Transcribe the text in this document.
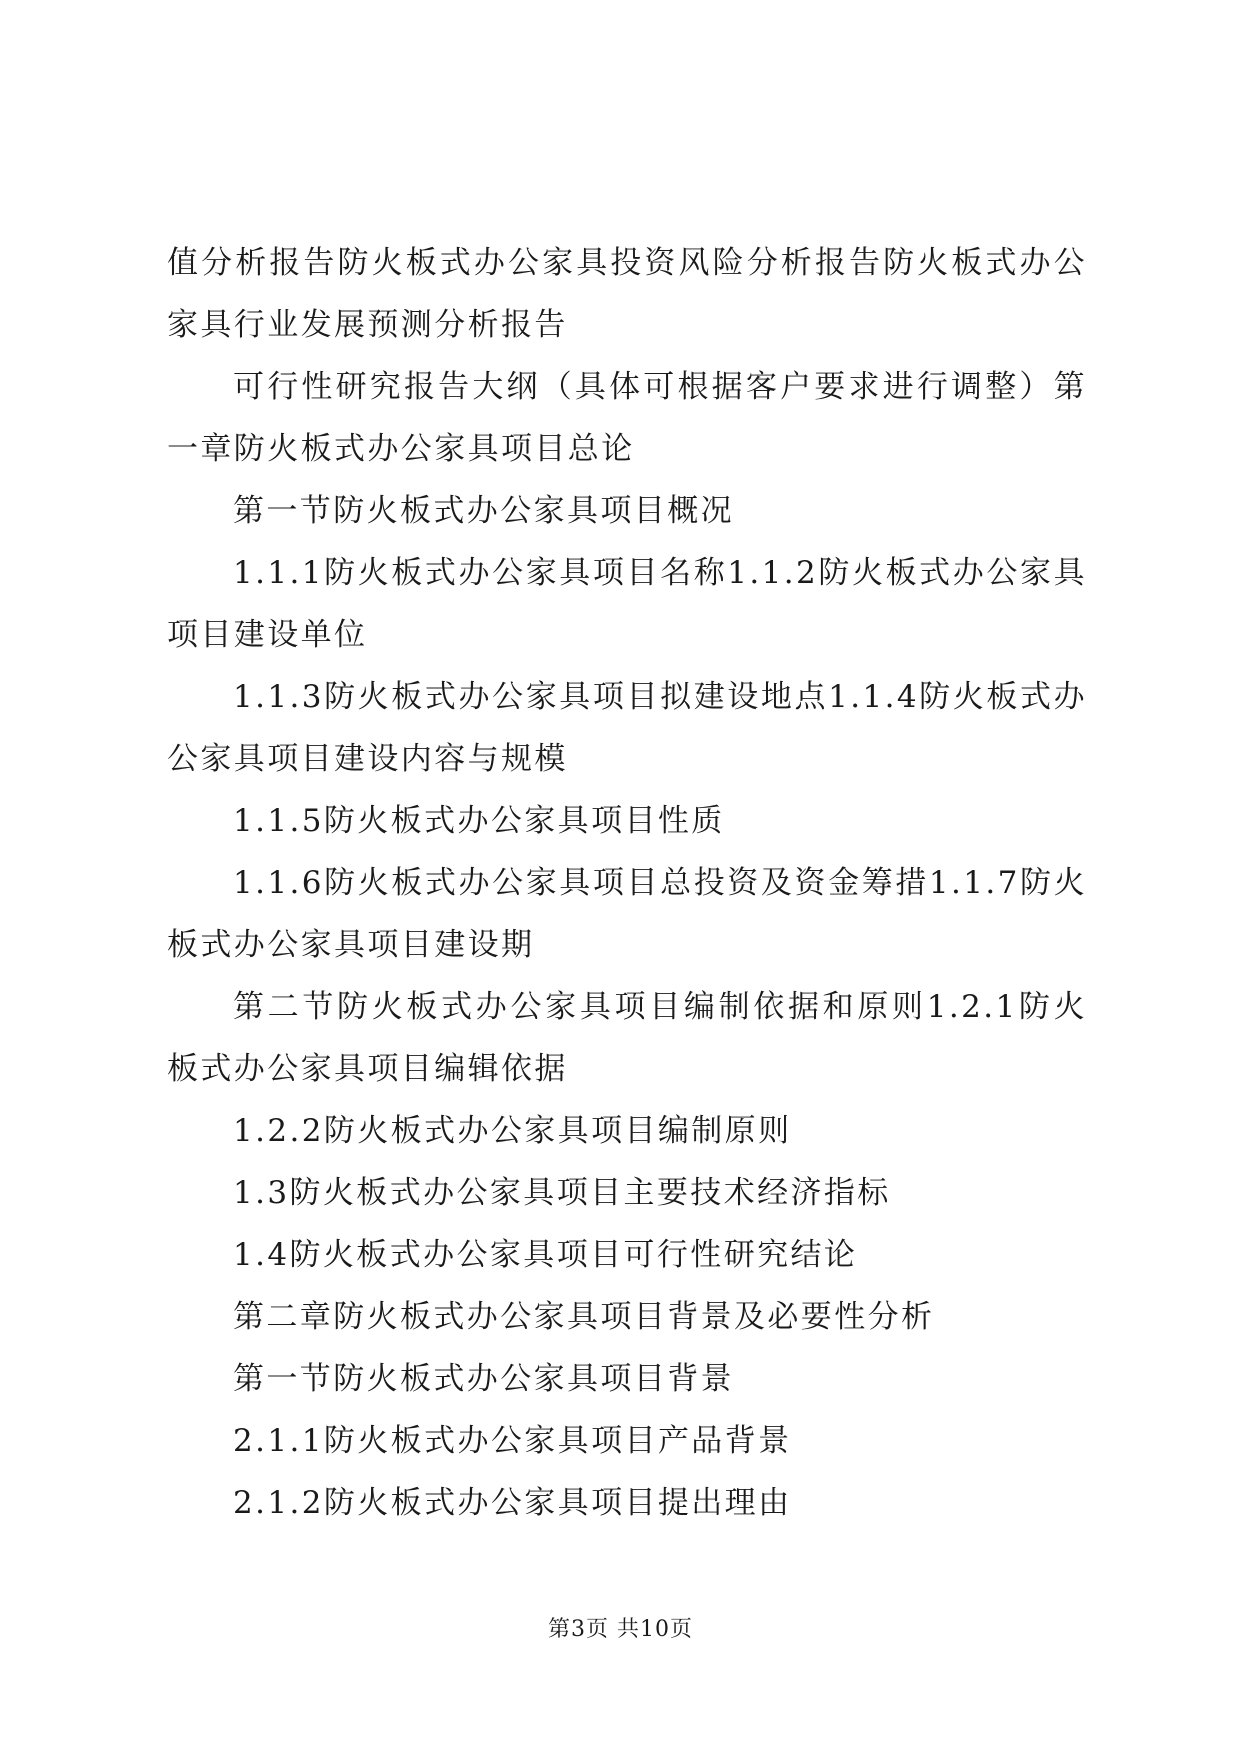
值分析报告防火板式办公家具投资风险分析报告防火板式办公家具行业发展预测分析报告

可行性研究报告大纲（具体可根据客户要求进行调整）第一章防火板式办公家具项目总论

第一节防火板式办公家具项目概况

1.1.1防火板式办公家具项目名称1.1.2防火板式办公家具项目建设单位

1.1.3防火板式办公家具项目拟建设地点1.1.4防火板式办公家具项目建设内容与规模

1.1.5防火板式办公家具项目性质

1.1.6防火板式办公家具项目总投资及资金筹措1.1.7防火板式办公家具项目建设期

第二节防火板式办公家具项目编制依据和原则1.2.1防火板式办公家具项目编辑依据

1.2.2防火板式办公家具项目编制原则

1.3防火板式办公家具项目主要技术经济指标

1.4防火板式办公家具项目可行性研究结论

第二章防火板式办公家具项目背景及必要性分析

第一节防火板式办公家具项目背景

2.1.1防火板式办公家具项目产品背景

2.1.2防火板式办公家具项目提出理由

第3页 共10页
